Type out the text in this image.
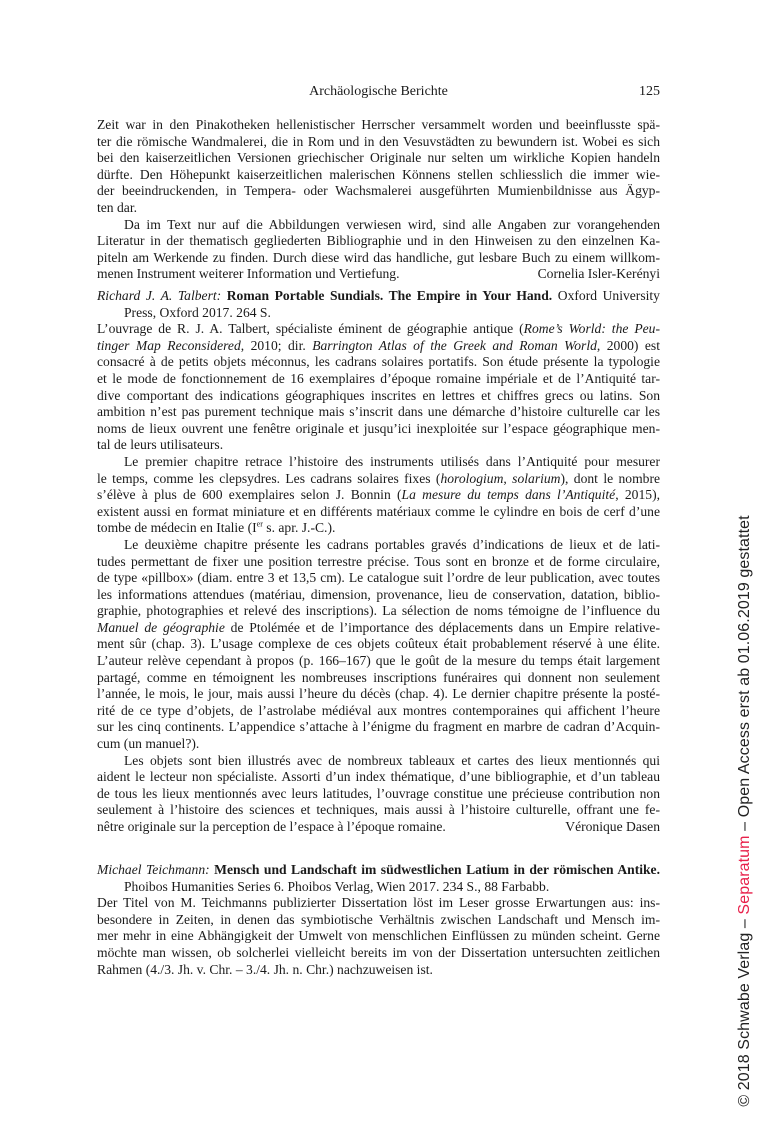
Archäologische Berichte	125
Zeit war in den Pinakotheken hellenistischer Herrscher versammelt worden und beeinflusste spä-
ter die römische Wandmalerei, die in Rom und in den Vesuvstädten zu bewundern ist. Wobei es sich
bei den kaiserzeitlichen Versionen griechischer Originale nur selten um wirkliche Kopien handeln
dürfte. Den Höhepunkt kaiserzeitlichen malerischen Könnens stellen schliesslich die immer wie-
der beeindruckenden, in Tempera- oder Wachsmalerei ausgeführten Mumienbildnisse aus Ägyp-
ten dar.
Da im Text nur auf die Abbildungen verwiesen wird, sind alle Angaben zur vorangehenden
Literatur in der thematisch gegliederten Bibliographie und in den Hinweisen zu den einzelnen Ka-
piteln am Werkende zu finden. Durch diese wird das handliche, gut lesbare Buch zu einem willkom-
menen Instrument weiterer Information und Vertiefung.	Cornelia Isler-Kerényi
Richard J. A. Talbert: Roman Portable Sundials. The Empire in Your Hand. Oxford University
Press, Oxford 2017. 264 S.
L’ouvrage de R. J. A. Talbert, spécialiste éminent de géographie antique (Rome’s World: the Peu-
tinger Map Reconsidered, 2010; dir. Barrington Atlas of the Greek and Roman World, 2000) est
consacré à de petits objets méconnus, les cadrans solaires portatifs. Son étude présente la typologie
et le mode de fonctionnement de 16 exemplaires d’époque romaine impériale et de l’Antiquité tar-
dive comportant des indications géographiques inscrites en lettres et chiffres grecs ou latins. Son
ambition n’est pas purement technique mais s’inscrit dans une démarche d’histoire culturelle car les
noms de lieux ouvrent une fenêtre originale et jusqu’ici inexploitée sur l’espace géographique men-
tal de leurs utilisateurs.
Le premier chapitre retrace l’histoire des instruments utilisés dans l’Antiquité pour mesurer
le temps, comme les clepsydres. Les cadrans solaires fixes (horologium, solarium), dont le nombre
s’élève à plus de 600 exemplaires selon J. Bonnin (La mesure du temps dans l’Antiquité, 2015),
existent aussi en format miniature et en différents matériaux comme le cylindre en bois de cerf d’une
tombe de médecin en Italie (Ier s. apr. J.-C.).
Le deuxième chapitre présente les cadrans portables gravés d’indications de lieux et de lati-
tudes permettant de fixer une position terrestre précise. Tous sont en bronze et de forme circulaire,
de type «pillbox» (diam. entre 3 et 13,5 cm). Le catalogue suit l’ordre de leur publication, avec toutes
les informations attendues (matériau, dimension, provenance, lieu de conservation, datation, biblio-
graphie, photographies et relevé des inscriptions). La sélection de noms témoigne de l’influence du
Manuel de géographie de Ptolémée et de l’importance des déplacements dans un Empire relative-
ment sûr (chap. 3). L’usage complexe de ces objets coûteux était probablement réservé à une élite.
L’auteur relève cependant à propos (p. 166–167) que le goût de la mesure du temps était largement
partagé, comme en témoignent les nombreuses inscriptions funéraires qui donnent non seulement
l’année, le mois, le jour, mais aussi l’heure du décès (chap. 4). Le dernier chapitre présente la posté-
rité de ce type d’objets, de l’astrolabe médiéval aux montres contemporaines qui affichent l’heure
sur les cinq continents. L’appendice s’attache à l’énigme du fragment en marbre de cadran d’Acquin-
cum (un manuel?).
Les objets sont bien illustrés avec de nombreux tableaux et cartes des lieux mentionnés qui
aident le lecteur non spécialiste. Assorti d’un index thématique, d’une bibliographie, et d’un tableau
de tous les lieux mentionnés avec leurs latitudes, l’ouvrage constitue une précieuse contribution non
seulement à l’histoire des sciences et techniques, mais aussi à l’histoire culturelle, offrant une fe-
nêtre originale sur la perception de l’espace à l’époque romaine.	Véronique Dasen
Michael Teichmann: Mensch und Landschaft im südwestlichen Latium in der römischen Antike.
Phoibos Humanities Series 6. Phoibos Verlag, Wien 2017. 234 S., 88 Farbabb.
Der Titel von M. Teichmanns publizierter Dissertation löst im Leser grosse Erwartungen aus: ins-
besondere in Zeiten, in denen das symbiotische Verhältnis zwischen Landschaft und Mensch im-
mer mehr in eine Abhängigkeit der Umwelt von menschlichen Einflüssen zu münden scheint. Gerne
möchte man wissen, ob solcherlei vielleicht bereits im von der Dissertation untersuchten zeitlichen
Rahmen (4./3. Jh. v. Chr. – 3./4. Jh. n. Chr.) nachzuweisen ist.	© 2018 Schwabe Verlag – Separatum – Open Access erst ab 01.06.2019 gestattet
